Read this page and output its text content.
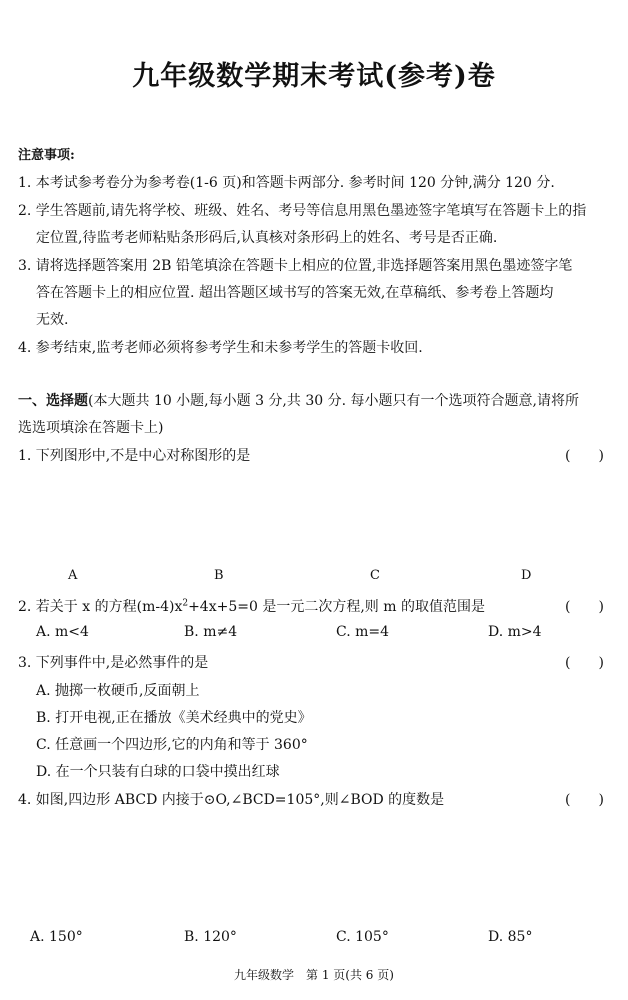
九年级数学期末考试(参考)卷
注意事项:
1. 本考试参考卷分为参考卷(1-6 页)和答题卡两部分. 参考时间 120 分钟,满分 120 分.
2. 学生答题前,请先将学校、班级、姓名、考号等信息用黑色墨迹签字笔填写在答题卡上的指
定位置,待监考老师粘贴条形码后,认真核对条形码上的姓名、考号是否正确.
3. 请将选择题答案用 2B 铅笔填涂在答题卡上相应的位置,非选择题答案用黑色墨迹签字笔
答在答题卡上的相应位置. 超出答题区域书写的答案无效,在草稿纸、参考卷上答题均
无效.
4. 参考结束,监考老师必须将参考学生和未参考学生的答题卡收回.
一、选择题(本大题共 10 小题,每小题 3 分,共 30 分. 每小题只有一个选项符合题意,请将所
选选项填涂在答题卡上)
1. 下列图形中,不是中心对称图形的是	(　　)
A	B	C	D
2. 若关于 x 的方程$(m-4)x^2+4x+5=0$ 是一元二次方程,则 m 的取值范围是	(　　)
A. m<4	B. m≠4	C. m=4	D. m>4
3. 下列事件中,是必然事件的是	(　　)
A. 抛掷一枚硬币,反面朝上
B. 打开电视,正在播放《美术经典中的党史》
C. 任意画一个四边形,它的内角和等于 360°
D. 在一个只装有白球的口袋中摸出红球
4. 如图,四边形 ABCD 内接于⊙O,∠BCD=105°,则∠BOD 的度数是	(　　)
A. 150°	B. 120°	C. 105°	D. 85°
九年级数学　第 1 页(共 6 页)
